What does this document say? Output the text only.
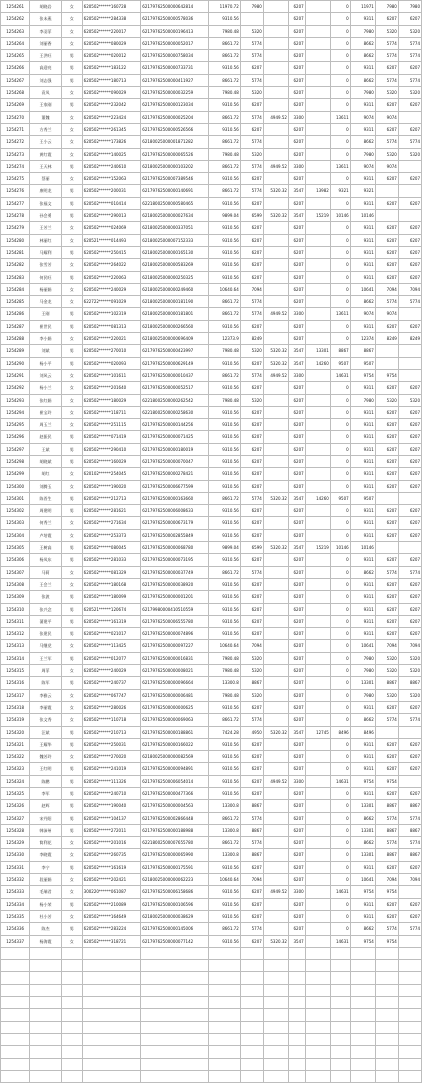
1254261	胡晓岩	女	620502******160728	62179762500000642814	11970.72	7980		6207		0	11971	7980	7980
1254262	张未燕	女	620502******284338	62179762500000578036	9310.56			6207		0	9311	6207	6207
1254263	李羽菲	女	620502******220017	62179762500000196413	7980.48	5320		6207		0	7980	5320	5320
1254264	刘丽香	女	620502******080029	62179762500000052017	8661.72	5774		6207		0	8662	5774	5774
1254265	王洪旺	男	620502******020012	62179762500000758034	8661.72	5774		6207		0	8662	5774	5774
1254266	高迎亮	男	620502******183122	62179762500000733731	9310.56	6207		6207		0	9311	6207	6207
1254267	刘志强	男	620502******180713	62179762500000411927	8661.72	5774		6207		0	8662	5774	5774
1254268	袁凤	女	620502******090029	62179762500000032259	7980.48	5320		6207		0	7980	5320	5320
1254269	王家刚	男	620502******232042	62179762500000123034	9310.56	6207		6207		0	9311	6207	6207
1254270	董魏	女	620502******223424	62179762500000025204	8661.72	5774	4949.52	3300		13611	9074	9074	
1254271	方秀兰	女	620502******261345	62179762500000526566	9310.56	6207		6207		0	9311	6207	6207
1254272	王小云	女	620502******173826	62180025000001871282	8661.72	5774		6207		0	8662	5774	5774
1254273	黄红霞	女	620502******140025	62179762500000065526	7980.48	5320		6207		0	7980	5320	5320
1254274	王天林	男	620502******240610	62180025000000103202	8661.72	5774	4949.52	3300		13611	9074	9074	
1254275	蔡丽	女	620502******152063	62179762500007389546	9310.56	6207		6207		0	9311	6207	6207
1254276	康明龙	男	620502******200031	62179762500000140691	8661.72	5774	5320.32	3547	13982	9321	9321		
1254277	张福文	男	620502******010414	62218002500000580465	9310.56	6207		6207		0	9311	6207	6207
1254278	孙会勇	男	620502******290013	62180025000000027634	9899.04	6599	5320.32	3547	15219	10146	10146		
1254279	王芳兰	女	620502******024069	62180025000000337051	9310.56	6207		6207		0	9311	6207	6207
1254280	林丽红	女	620521******014493	62180025000007152333	9310.56	6207		6207		0	9311	6207	6207
1254281	马耀利	男	620502******250415	62180025000000165130	9310.56	6207		6207		0	9311	6207	6207
1254282	张雪芳	女	620502******264022	62180025000000583269	9310.56	6207		6207		0	9311	6207	6207
1254283	何民旺	男	620502******220063	62180025000000250325	9310.56	6207		6207		0	9311	6207	6207
1254284	杨丽娟	女	620502******240029	62180025000000249460	10640.64	7094		6207		0	10641	7094	7094
1254285	马金龙	女	622722******091029	62180025000000181190	8661.72	5774		6207		0	8662	5774	5774
1254286	王刚	男	620502******102319	62180025000000181801	8661.72	5774	4949.52	3300		13611	9074	9074	
1254287	崔世民	男	620502******081313	62180025000000266560	9310.56	6207		6207		0	9311	6207	6207
1254288	李小娟	女	620502******220021	62180025000000696409	12373.9	8249		6207		0	12374	8249	8249
1254289	刘斌	男	620502******270010	62179762500000423997	7980.48	5320	5320.32	3547	13301	8867	8867		
1254290	杨小平	男	620502******020093	62179762500000629149	9310.56	6207	5320.32	3547	14260	9507	9507		
1254291	刘风云	女	620502******101611	62179762500000010437	8661.72	5774	4949.52	3300		14631	9754	9754	
1254292	杨小兰	女	620502******201640	62179762500000052517	9310.56	6207		6207		0	9311	6207	6207
1254293	张红娟	女	620502******180029	62218002500000262542	7980.48	5320		6207		0	7980	5320	5320
1254294	崔宝玲	女	620502******118711	62218002500000258630	9310.56	6207		6207		0	9311	6207	6207
1254295	周玉兰	女	620502******251115	62179762500000144256	9310.56	6207		6207		0	9311	6207	6207
1254296	赵振民	男	620502******071419	62179762500000071425	9310.56	6207		6207		0	9311	6207	6207
1254297	王斌	男	620502******290410	62179762500000180019	9310.56	6207		6207		0	9311	6207	6207
1254298	胡晓斌	男	620502******160029	62179762500000070047	9310.56	6207		6207		0	9311	6207	6207
1254299	胡红	女	620102******254045	62179762500000278421	9310.56	6207		6207		0	9311	6207	6207
1254300	刘腾玉	女	620502******190020	62179762500006677599	9310.56	6207		6207		0	9311	6207	6207
1254301	陈晋生	男	620502******212713	62179762500000163660	8661.72	5774	5320.32	3547	14260	9507	9507		
1254302	周建明	男	620502******281621	62179762500006008633	9310.56	6207		6207		0	9311	6207	6207
1254303	何秀兰	女	620502******271634	62179762500000673179	9310.56	6207		6207		0	9311	6207	6207
1254304	卢培霞	女	620502******253373	62179762500002855849	9310.56	6207		6207		0	9311	6207	6207
1254305	王树高	男	620502******080045	62179762500000068780	9899.04	6599	5320.32	3547	15219	10146	10146		
1254306	杨凤东	男	620502******281033	62179762500000073195	9310.56	6207		6207		0	9311	6207	6207
1254307	马莉	女	620502******081329	62179762500000037749	8661.72	5774		6207		0	8662	5774	5774
1254308	王会兰	女	620502******180168	62179762500000038920	9310.56	6207		6207		0	9311	6207	6207
1254309	张波	男	620502******180099	62179762500000001201	9310.56	6207		6207		0	9311	6207	6207
1254310	张兴念	男	620521******120674	62179980000410510559	9310.56	6207		6207		0	9311	6207	6207
1254311	蒲建平	男	620502******161319	62179762500006555780	9310.56	6207		6207		0	9311	6207	6207
1254312	张建民	男	620502******021017	62179762500000074896	9310.56	6207		6207		0	9311	6207	6207
1254313	马继党	女	620502******113425	62179762500000097227	10640.64	7094		6207		0	10641	7094	7094
1254314	王兰军	男	620502******012077	62179762500000016831	7980.48	5320		6207		0	7980	5320	5320
1254315	周菲	女	620502******240029	62179762500000008021	7980.48	5320		6207		0	7980	5320	5320
1254316	陈军	男	620502******240737	62179762500000096664	13300.8	8867		6207		0	13301	8867	8867
1254317	李雅云	女	620502******067747	62179762500000006481	7980.48	5320		6207		0	7980	5320	5320
1254318	李丽霞	女	620502******280026	62179762500000000625	9310.56	6207		6207		0	9311	6207	6207
1254319	张文秀	女	620502******110718	62179762500000069063	8661.72	5774		6207		0	8662	5774	5774
1254320	汪斌	男	620502******210713	62179762500000188861	7424.28	4950	5320.32	3547	12745	8496	8496		
1254321	王耀华	男	620502******250031	62179762500000166022	9310.56	6207		6207		0	9311	6207	6207
1254322	魏芳玲	女	620502******270020	62180025000000082569	9310.56	6207		6207		0	9311	6207	6207
1254323	王红明	男	620502******241019	62179762500000094891	9310.56	6207		6207		0	9311	6207	6207
1254324	陈鹏	男	620502******111326	62179762500006054014	9310.56	6207	4949.52	3300		14631	9754	9754	
1254325	李军	男	620502******240710	62179762500000477366	9310.56	6207		6207		0	9311	6207	6207
1254326	赵辉	男	620502******190040	62179762500000004563	13300.8	8867		6207		0	13301	8867	8867
1254327	宋丹阳	男	620502******104137	62179762500002866448	8661.72	5774		6207		0	8662	5774	5774
1254328	韩沛州	男	620502******272011	62179762500000188988	13300.8	8867		6207		0	13301	8867	8867
1254329	简利花	女	620502******201016	62218002500007655780	8661.72	5774		6207		0	8662	5774	5774
1254330	李晓霞	女	620502******260735	62179762500000065990	13300.8	8867		6207		0	13301	8867	8867
1254331	李宁	男	620502******161619	62179762500000175591	9310.56	6207		6207		0	9311	6207	6207
1254332	段丽娟	女	620502******202421	62180025000000062223	10640.64	7094		6207		0	10641	7094	7094
1254333	毛瑞君	女	300220******061087	62179762500006158686	9310.56	6207	4949.52	3300		14631	9754	9754	
1254334	杨小荣	男	620502******210089	62179762500000106596	9310.56	6207		6207		0	9311	6207	6207
1254335	杜小芳	女	620502******164649	62180025000000038629	9310.56	6207		6207		0	9311	6207	6207
1254336	陈杰	男	620502******283224	62179762500000145006	8661.72	5774		6207		0	8662	5774	5774
1254337	杨海霞	女	620502******318721	62179762500000077142	9310.56	6207	5320.32	3547		14631	9754	9754	
